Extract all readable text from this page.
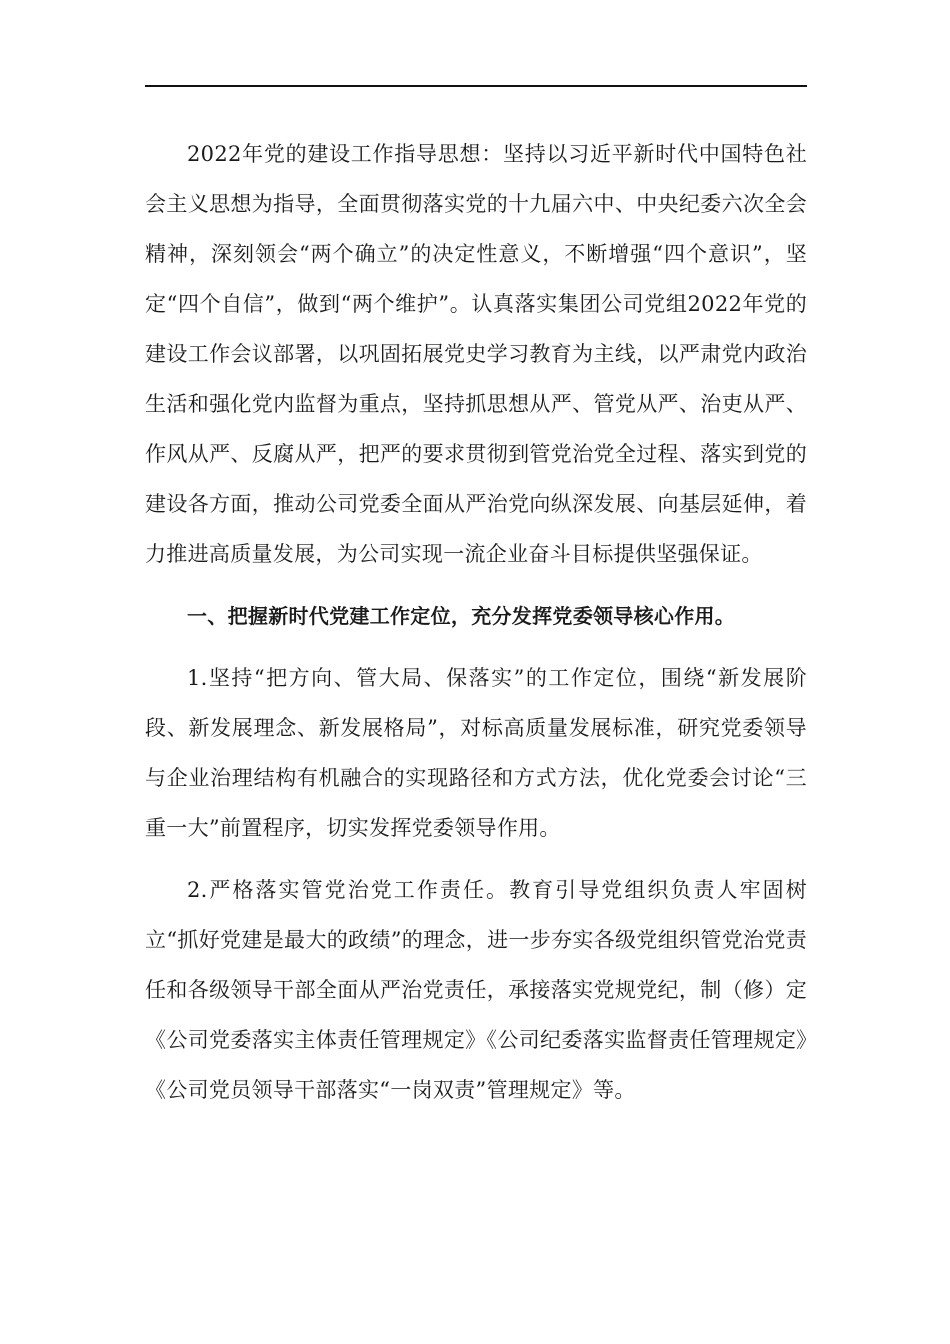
2022年党的建设工作指导思想：坚持以习近平新时代中国特色社会主义思想为指导，全面贯彻落实党的十九届六中、中央纪委六次全会精神，深刻领会“两个确立”的决定性意义，不断增强“四个意识”，坚定“四个自信”，做到“两个维护”。认真落实集团公司党组2022年党的建设工作会议部署，以巩固拓展党史学习教育为主线，以严肃党内政治生活和强化党内监督为重点，坚持抓思想从严、管党从严、治吏从严、作风从严、反腐从严，把严的要求贯彻到管党治党全过程、落实到党的建设各方面，推动公司党委全面从严治党向纵深发展、向基层延伸，着力推进高质量发展，为公司实现一流企业奋斗目标提供坚强保证。

一、把握新时代党建工作定位，充分发挥党委领导核心作用。

1.坚持“把方向、管大局、保落实”的工作定位，围绕“新发展阶段、新发展理念、新发展格局”，对标高质量发展标准，研究党委领导与企业治理结构有机融合的实现路径和方式方法，优化党委会讨论“三重一大”前置程序，切实发挥党委领导作用。

2.严格落实管党治党工作责任。教育引导党组织负责人牢固树立“抓好党建是最大的政绩”的理念，进一步夯实各级党组织管党治党责任和各级领导干部全面从严治党责任，承接落实党规党纪，制（修）定《公司党委落实主体责任管理规定》《公司纪委落实监督责任管理规定》《公司党员领导干部落实“一岗双责”管理规定》等。
